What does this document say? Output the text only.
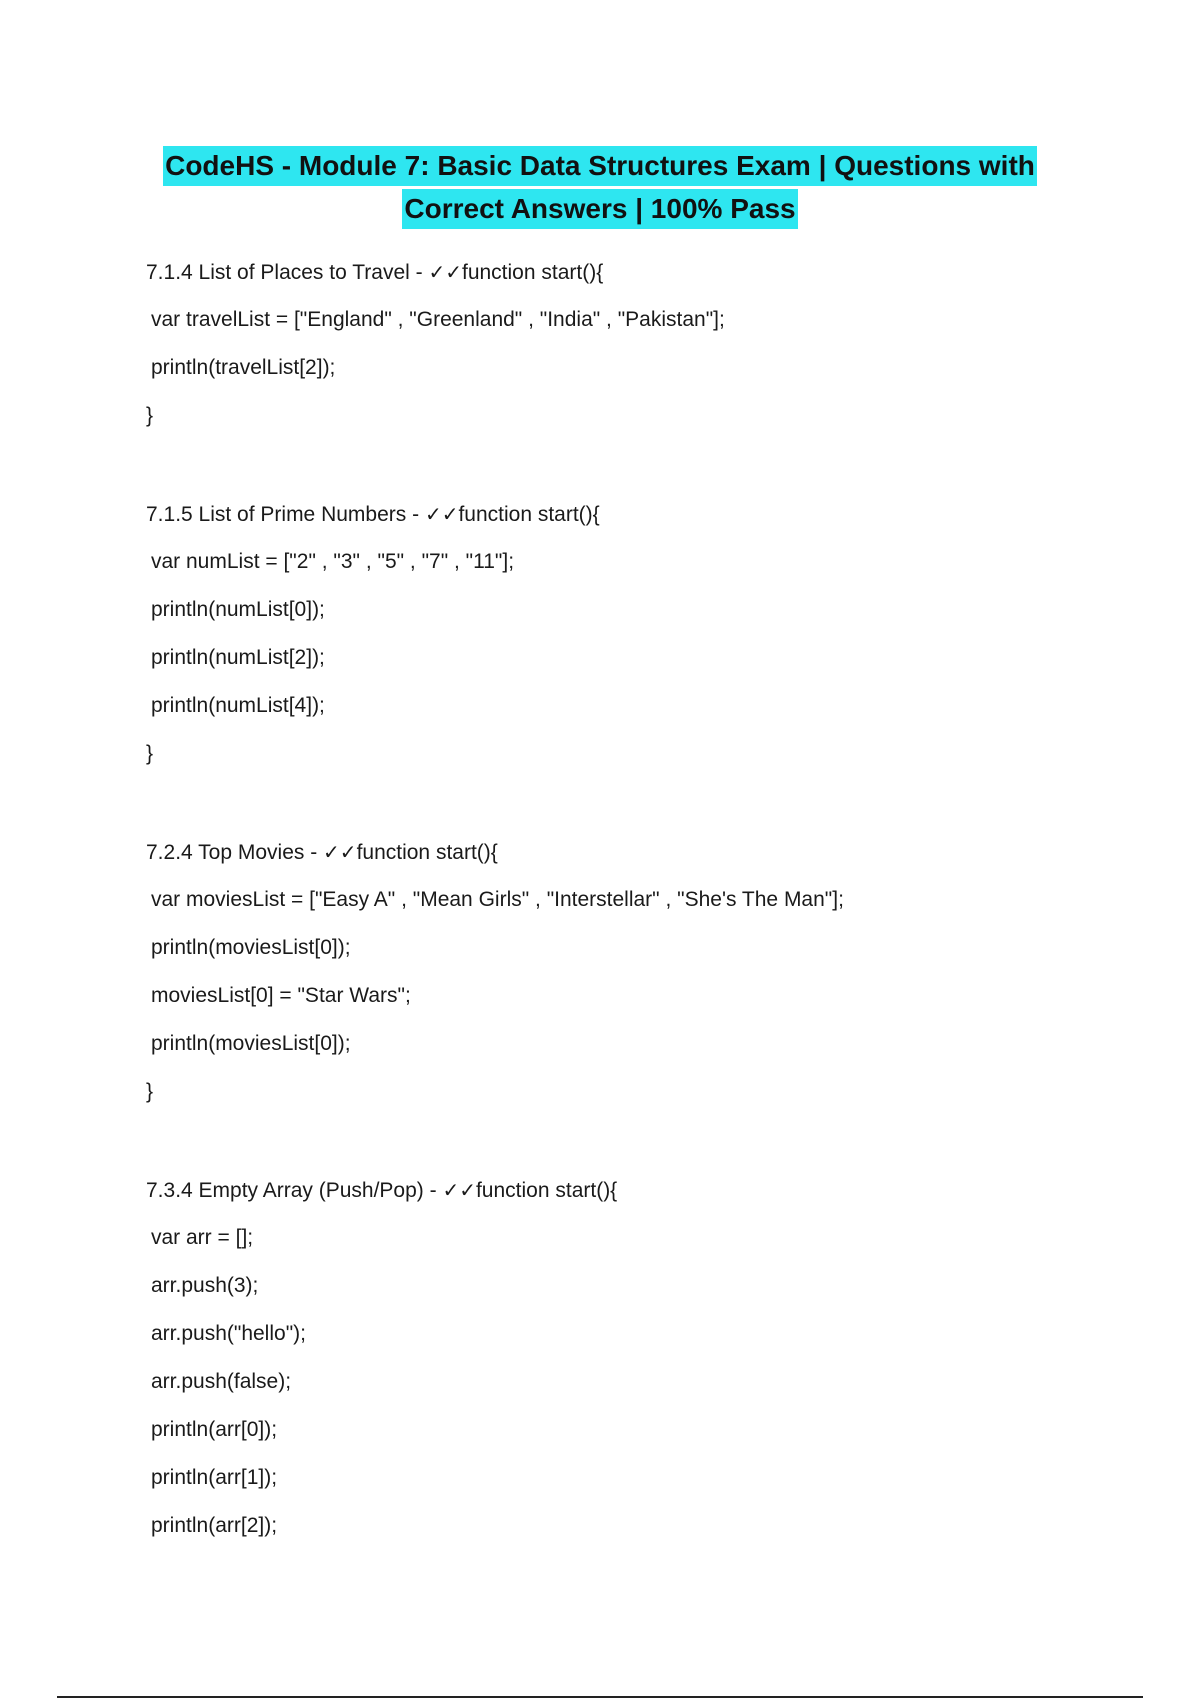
CodeHS - Module 7: Basic Data Structures Exam | Questions with
Correct Answers | 100% Pass
7.1.4 List of Places to Travel - ✓✓function start(){
var travelList = ["England" , "Greenland" , "India" , "Pakistan"];
println(travelList[2]);
}
7.1.5 List of Prime Numbers - ✓✓function start(){
var numList = ["2" , "3" , "5" , "7" , "11"];
println(numList[0]);
println(numList[2]);
println(numList[4]);
}
7.2.4 Top Movies - ✓✓function start(){
var moviesList = ["Easy A" , "Mean Girls" , "Interstellar" , "She's The Man"];
println(moviesList[0]);
moviesList[0] = "Star Wars";
println(moviesList[0]);
}
7.3.4 Empty Array (Push/Pop) - ✓✓function start(){
var arr = [];
arr.push(3);
arr.push("hello");
arr.push(false);
println(arr[0]);
println(arr[1]);
println(arr[2]);
